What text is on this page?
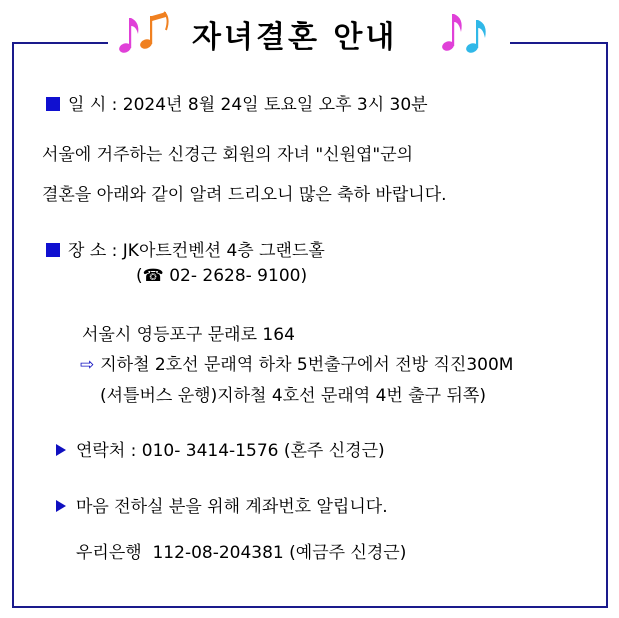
자녀결혼 안내
일 시 : 2024년 8월 24일 토요일 오후 3시 30분
서울에 거주하는 신경근 회원의 자녀 "신원엽"군의
결혼을 아래와 같이 알려 드리오니 많은 축하 바랍니다.
장 소 : JK아트컨벤션 4층 그랜드홀
(☎ 02- 2628- 9100)
서울시 영등포구 문래로 164
⇨ 지하철 2호선 문래역 하차 5번출구에서 전방 직진300M
(셔틀버스 운행)지하철 4호선 문래역 4번 출구 뒤쪽)
연락처 : 010- 3414-1576 (혼주 신경근)
마음 전하실 분을 위해 계좌번호 알립니다.
우리은행  112-08-204381 (예금주 신경근)
